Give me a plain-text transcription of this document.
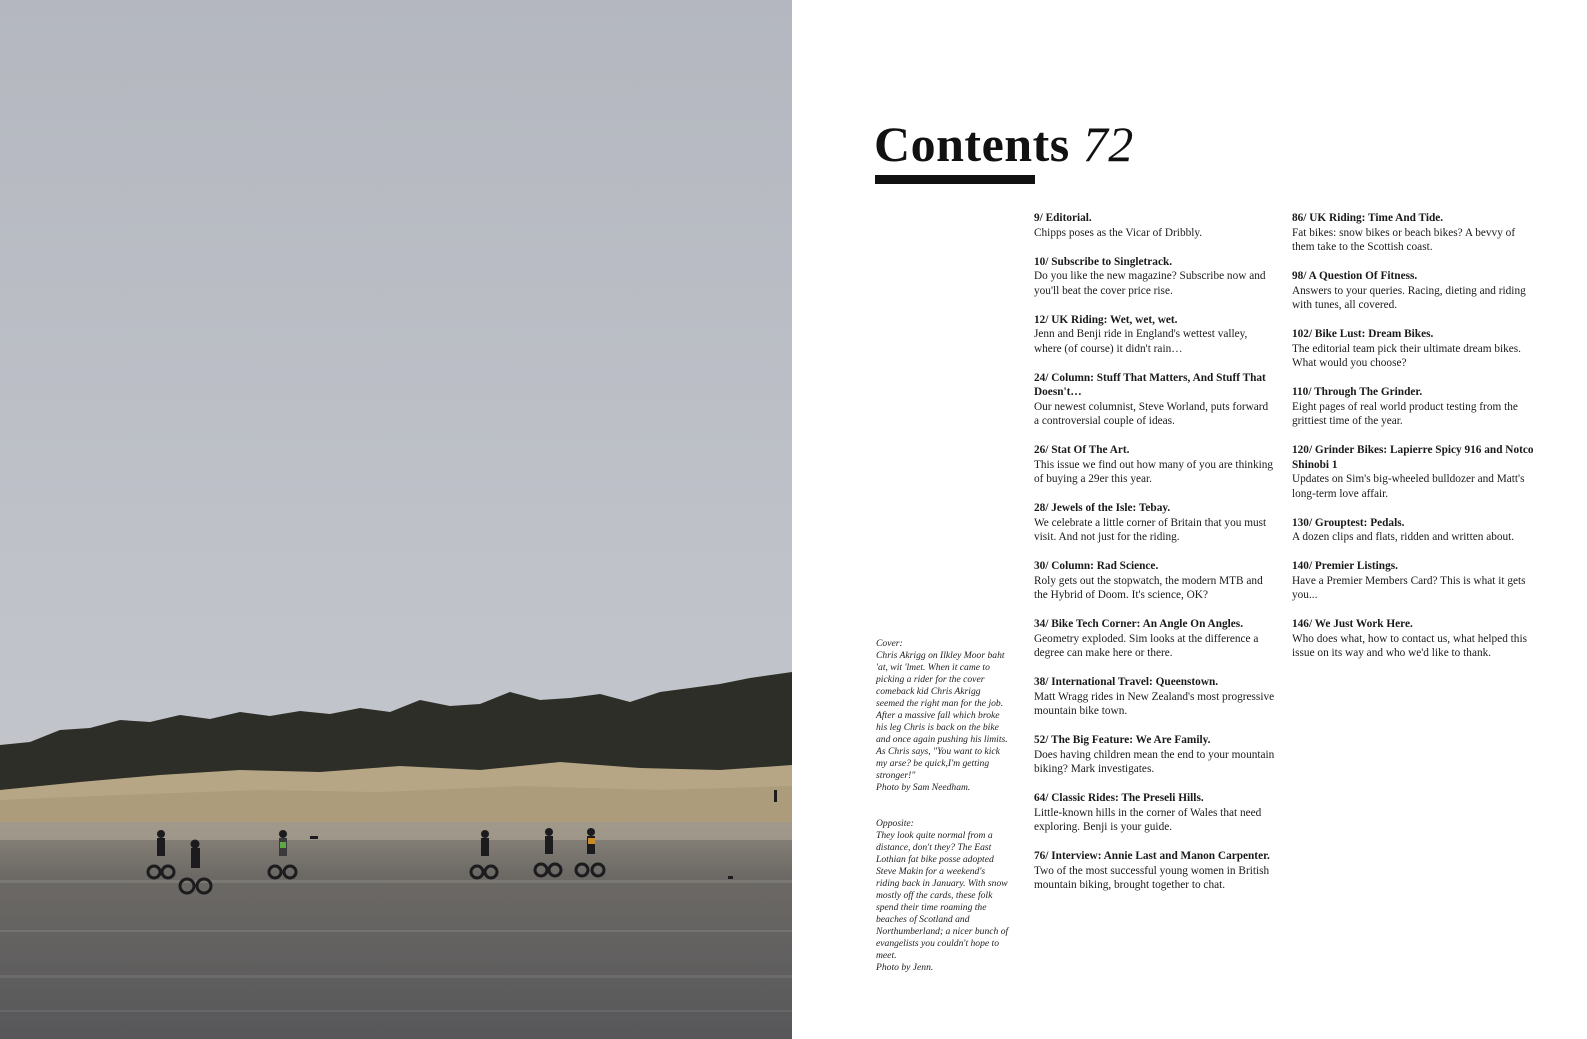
Contents 72

Cover:
Chris Akrigg on Ilkley Moor baht 'at, wit 'lmet. When it came to picking a rider for the cover comeback kid Chris Akrigg seemed the right man for the job. After a massive fall which broke his leg Chris is back on the bike and once again pushing his limits. As Chris says, "You want to kick my arse? be quick,I'm getting stronger!"
Photo by Sam Needham.

Opposite:
They look quite normal from a distance, don't they? The East Lothian fat bike posse adopted Steve Makin for a weekend's riding back in January. With snow mostly off the cards, these folk spend their time roaming the beaches of Scotland and Northumberland; a nicer bunch of evangelists you couldn't hope to meet.
Photo by Jenn.

9/ Editorial.
Chipps poses as the Vicar of Dribbly.

10/ Subscribe to Singletrack.
Do you like the new magazine? Subscribe now and you'll beat the cover price rise.

12/ UK Riding: Wet, wet, wet.
Jenn and Benji ride in England's wettest valley, where (of course) it didn't rain…

24/ Column: Stuff That Matters, And Stuff That Doesn't…
Our newest columnist, Steve Worland, puts forward a controversial couple of ideas.

26/ Stat Of The Art.
This issue we find out how many of you are thinking of buying a 29er this year.

28/ Jewels of the Isle: Tebay.
We celebrate a little corner of Britain that you must visit. And not just for the riding.

30/ Column: Rad Science.
Roly gets out the stopwatch, the modern MTB and the Hybrid of Doom. It's science, OK?

34/ Bike Tech Corner: An Angle On Angles.
Geometry exploded. Sim looks at the difference a degree can make here or there.

38/ International Travel: Queenstown.
Matt Wragg rides in New Zealand's most progressive mountain bike town.

52/ The Big Feature: We Are Family.
Does having children mean the end to your mountain biking? Mark investigates.

64/ Classic Rides: The Preseli Hills.
Little-known hills in the corner of Wales that need exploring. Benji is your guide.

76/ Interview: Annie Last and Manon Carpenter.
Two of the most successful young women in British mountain biking, brought together to chat.

86/ UK Riding: Time And Tide.
Fat bikes: snow bikes or beach bikes? A bevvy of them take to the Scottish coast.

98/ A Question Of Fitness.
Answers to your queries. Racing, dieting and riding with tunes, all covered.

102/ Bike Lust: Dream Bikes.
The editorial team pick their ultimate dream bikes. What would you choose?

110/ Through The Grinder.
Eight pages of real world product testing from the grittiest time of the year.

120/ Grinder Bikes: Lapierre Spicy 916 and Notco Shinobi 1
Updates on Sim's big-wheeled bulldozer and Matt's long-term love affair.

130/ Grouptest: Pedals.
A dozen clips and flats, ridden and written about.

140/ Premier Listings.
Have a Premier Members Card? This is what it gets you...

146/ We Just Work Here.
Who does what, how to contact us, what helped this issue on its way and who we'd like to thank.
